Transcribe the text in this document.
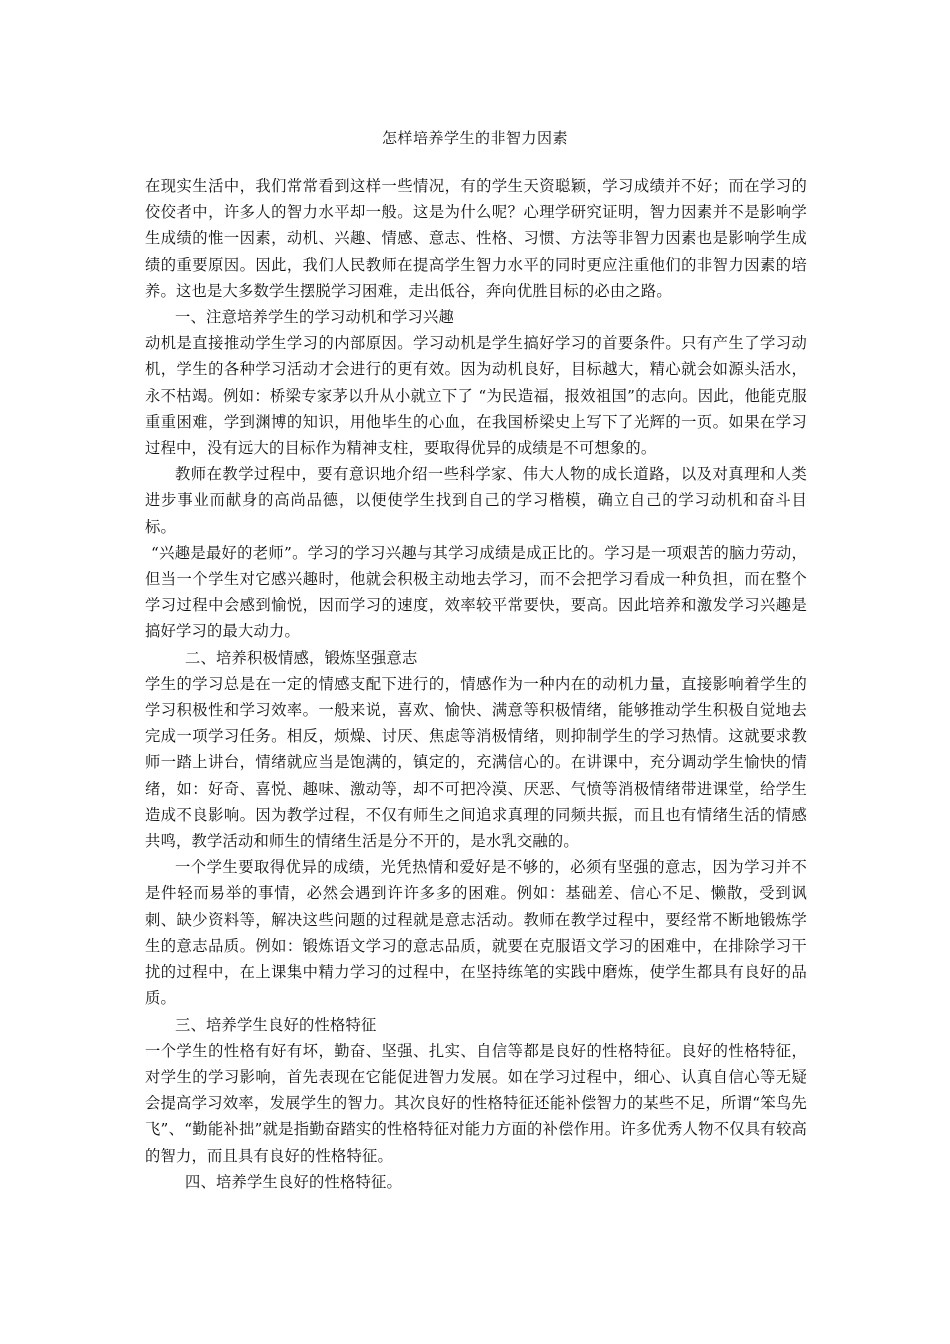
怎样培养学生的非智力因素

在现实生活中，我们常常看到这样一些情况，有的学生天资聪颖，学习成绩并不好；而在学习的佼佼者中，许多人的智力水平却一般。这是为什么呢？心理学研究证明，智力因素并不是影响学生成绩的惟一因素，动机、兴趣、情感、意志、性格、习惯、方法等非智力因素也是影响学生成绩的重要原因。因此，我们人民教师在提高学生智力水平的同时更应注重他们的非智力因素的培养。这也是大多数学生摆脱学习困难，走出低谷，奔向优胜目标的必由之路。

一、注意培养学生的学习动机和学习兴趣

动机是直接推动学生学习的内部原因。学习动机是学生搞好学习的首要条件。只有产生了学习动机，学生的各种学习活动才会进行的更有效。因为动机良好，目标越大，精心就会如源头活水，永不枯竭。例如：桥梁专家茅以升从小就立下了 “为民造福，报效祖国”的志向。因此，他能克服重重困难，学到渊博的知识，用他毕生的心血，在我国桥梁史上写下了光辉的一页。如果在学习过程中，没有远大的目标作为精神支柱，要取得优异的成绩是不可想象的。

教师在教学过程中，要有意识地介绍一些科学家、伟大人物的成长道路，以及对真理和人类进步事业而献身的高尚品德，以便使学生找到自己的学习楷模，确立自己的学习动机和奋斗目标。

“兴趣是最好的老师”。学习的学习兴趣与其学习成绩是成正比的。学习是一项艰苦的脑力劳动，但当一个学生对它感兴趣时，他就会积极主动地去学习，而不会把学习看成一种负担，而在整个学习过程中会感到愉悦，因而学习的速度，效率较平常要快，要高。因此培养和激发学习兴趣是搞好学习的最大动力。

二、培养积极情感，锻炼坚强意志

学生的学习总是在一定的情感支配下进行的，情感作为一种内在的动机力量，直接影响着学生的学习积极性和学习效率。一般来说，喜欢、愉快、满意等积极情绪，能够推动学生积极自觉地去完成一项学习任务。相反，烦燥、讨厌、焦虑等消极情绪，则抑制学生的学习热情。这就要求教师一踏上讲台，情绪就应当是饱满的，镇定的，充满信心的。在讲课中，充分调动学生愉快的情绪，如：好奇、喜悦、趣味、激动等，却不可把冷漠、厌恶、气愤等消极情绪带进课堂，给学生造成不良影响。因为教学过程，不仅有师生之间追求真理的同频共振，而且也有情绪生活的情感共鸣，教学活动和师生的情绪生活是分不开的，是水乳交融的。

一个学生要取得优异的成绩，光凭热情和爱好是不够的，必须有坚强的意志，因为学习并不是件轻而易举的事情，必然会遇到许许多多的困难。例如：基础差、信心不足、懒散，受到讽刺、缺少资料等，解决这些问题的过程就是意志活动。教师在教学过程中，要经常不断地锻炼学生的意志品质。例如：锻炼语文学习的意志品质，就要在克服语文学习的困难中，在排除学习干扰的过程中，在上课集中精力学习的过程中，在坚持练笔的实践中磨炼，使学生都具有良好的品质。

三、培养学生良好的性格特征

一个学生的性格有好有坏，勤奋、坚强、扎实、自信等都是良好的性格特征。良好的性格特征，对学生的学习影响，首先表现在它能促进智力发展。如在学习过程中，细心、认真自信心等无疑会提高学习效率，发展学生的智力。其次良好的性格特征还能补偿智力的某些不足，所谓“笨鸟先飞”、“勤能补拙”就是指勤奋踏实的性格特征对能力方面的补偿作用。许多优秀人物不仅具有较高的智力，而且具有良好的性格特征。

四、培养学生良好的性格特征。
